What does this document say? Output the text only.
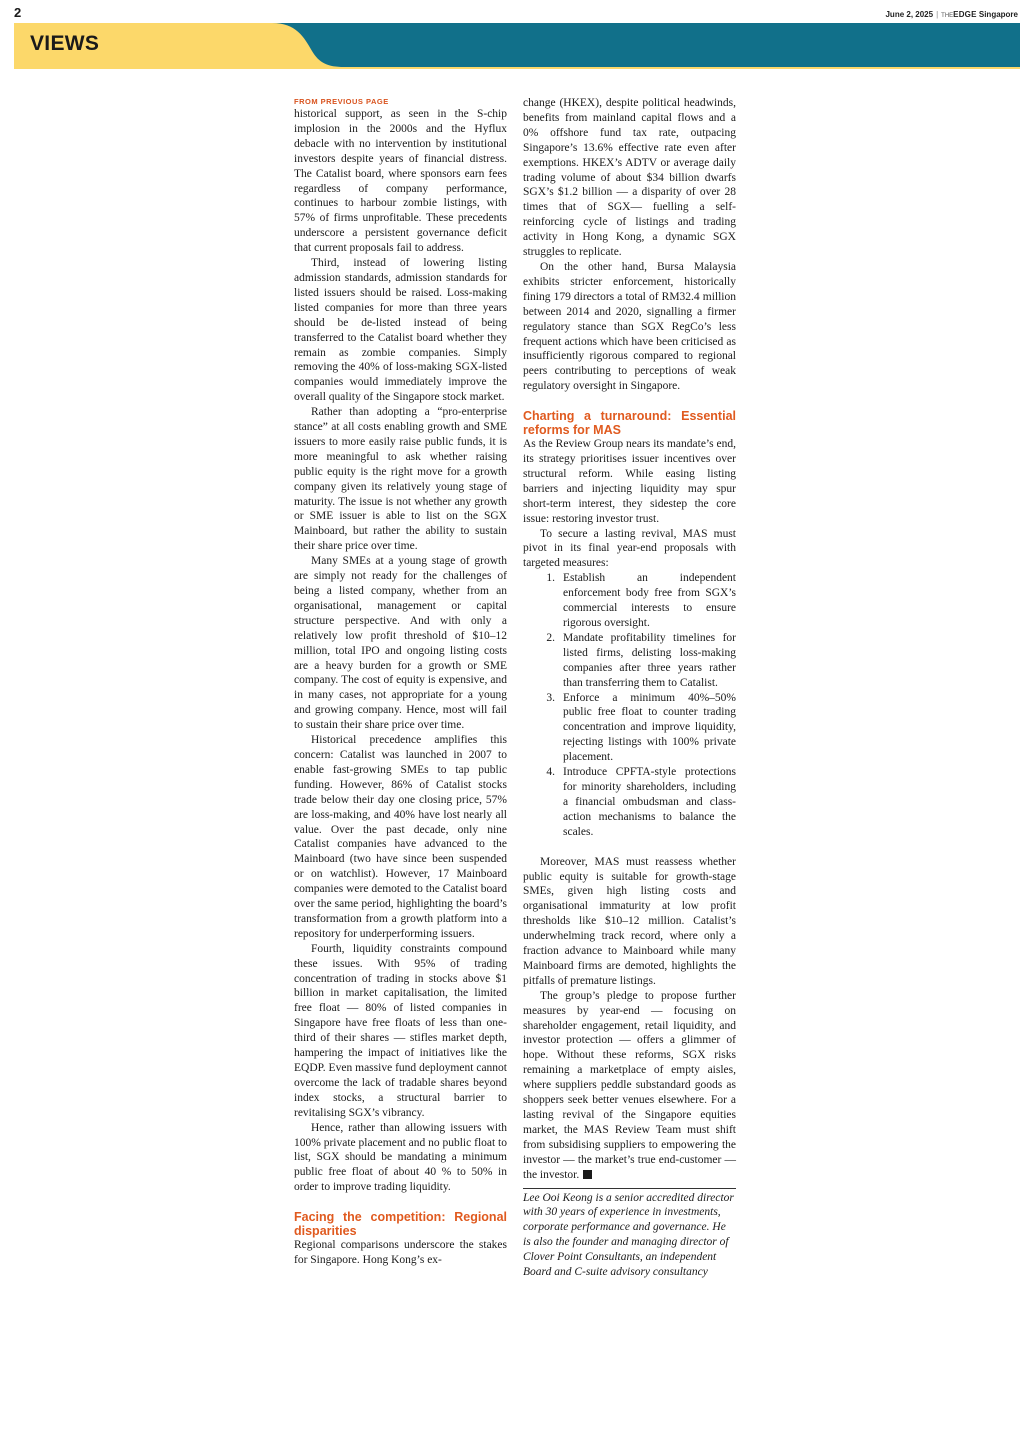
2	June 2, 2025 | THEEDGE Singapore
VIEWS
FROM PREVIOUS PAGE

historical support, as seen in the S-chip implosion in the 2000s and the Hyflux debacle with no intervention by institutional investors despite years of financial distress. The Catalist board, where sponsors earn fees regardless of company performance, continues to harbour zombie listings, with 57% of firms unprofitable. These precedents underscore a persistent governance deficit that current proposals fail to address.

Third, instead of lowering listing admission standards, admission standards for listed issuers should be raised. Loss-making listed companies for more than three years should be de-listed instead of being transferred to the Catalist board whether they remain as zombie companies. Simply removing the 40% of loss-making SGX-listed companies would immediately improve the overall quality of the Singapore stock market.

Rather than adopting a “pro-enterprise stance” at all costs enabling growth and SME issuers to more easily raise public funds, it is more meaningful to ask whether raising public equity is the right move for a growth company given its relatively young stage of maturity. The issue is not whether any growth or SME issuer is able to list on the SGX Mainboard, but rather the ability to sustain their share price over time.

Many SMEs at a young stage of growth are simply not ready for the challenges of being a listed company, whether from an organisational, management or capital structure perspective. And with only a relatively low profit threshold of $10–12 million, total IPO and ongoing listing costs are a heavy burden for a growth or SME company. The cost of equity is expensive, and in many cases, not appropriate for a young and growing company. Hence, most will fail to sustain their share price over time.

Historical precedence amplifies this concern: Catalist was launched in 2007 to enable fast-growing SMEs to tap public funding. However, 86% of Catalist stocks trade below their day one closing price, 57% are loss-making, and 40% have lost nearly all value. Over the past decade, only nine Catalist companies have advanced to the Mainboard (two have since been suspended or on watchlist). However, 17 Mainboard companies were demoted to the Catalist board over the same period, highlighting the board’s transformation from a growth platform into a repository for underperforming issuers.

Fourth, liquidity constraints compound these issues. With 95% of trading concentration of trading in stocks above $1 billion in market capitalisation, the limited free float — 80% of listed companies in Singapore have free floats of less than one-third of their shares — stifles market depth, hampering the impact of initiatives like the EQDP. Even massive fund deployment cannot overcome the lack of tradable shares beyond index stocks, a structural barrier to revitalising SGX’s vibrancy.

Hence, rather than allowing issuers with 100% private placement and no public float to list, SGX should be mandating a minimum public free float of about 40 % to 50% in order to improve trading liquidity.

Facing the competition: Regional disparities

Regional comparisons underscore the stakes for Singapore. Hong Kong’s ex-

change (HKEX), despite political headwinds, benefits from mainland capital flows and a 0% offshore fund tax rate, outpacing Singapore’s 13.6% effective rate even after exemptions. HKEX’s ADTV or average daily trading volume of about $34 billion dwarfs SGX’s $1.2 billion — a disparity of over 28 times that of SGX— fuelling a self-reinforcing cycle of listings and trading activity in Hong Kong, a dynamic SGX struggles to replicate.

On the other hand, Bursa Malaysia exhibits stricter enforcement, historically fining 179 directors a total of RM32.4 million between 2014 and 2020, signalling a firmer regulatory stance than SGX RegCo’s less frequent actions which have been criticised as insufficiently rigorous compared to regional peers contributing to perceptions of weak regulatory oversight in Singapore.

Charting a turnaround: Essential reforms for MAS

As the Review Group nears its mandate’s end, its strategy prioritises issuer incentives over structural reform. While easing listing barriers and injecting liquidity may spur short-term interest, they sidestep the core issue: restoring investor trust.

To secure a lasting revival, MAS must pivot in its final year-end proposals with targeted measures:

1. Establish an independent enforcement body free from SGX’s commercial interests to ensure rigorous oversight.
2. Mandate profitability timelines for listed firms, delisting loss-making companies after three years rather than transferring them to Catalist.
3. Enforce a minimum 40%–50% public free float to counter trading concentration and improve liquidity, rejecting listings with 100% private placement.
4. Introduce CPFTA-style protections for minority shareholders, including a financial ombudsman and class-action mechanisms to balance the scales.

Moreover, MAS must reassess whether public equity is suitable for growth-stage SMEs, given high listing costs and organisational immaturity at low profit thresholds like $10–12 million. Catalist’s underwhelming track record, where only a fraction advance to Mainboard while many Mainboard firms are demoted, highlights the pitfalls of premature listings.

The group’s pledge to propose further measures by year-end — focusing on shareholder engagement, retail liquidity, and investor protection — offers a glimmer of hope. Without these reforms, SGX risks remaining a marketplace of empty aisles, where suppliers peddle substandard goods as shoppers seek better venues elsewhere. For a lasting revival of the Singapore equities market, the MAS Review Team must shift from subsidising suppliers to empowering the investor — the market’s true end-customer — the investor.	E

Lee Ooi Keong is a senior accredited director with 30 years of experience in investments, corporate performance and governance. He is also the founder and managing director of Clover Point Consultants, an independent Board and C-suite advisory consultancy
